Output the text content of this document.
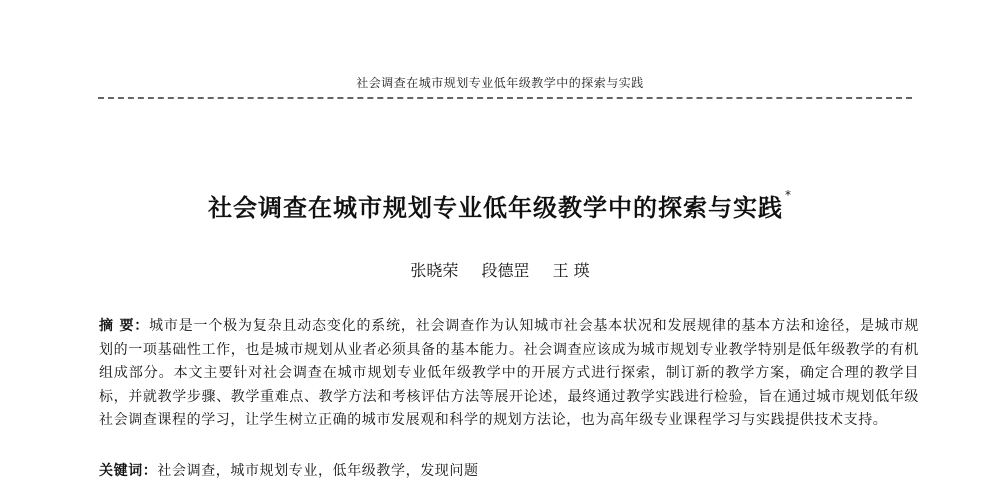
社会调查在城市规划专业低年级教学中的探索与实践
社会调查在城市规划专业低年级教学中的探索与实践 *
张晓荣 段德罡 王 瑛
摘 要：城市是一个极为复杂且动态变化的系统，社会调查作为认知城市社会基本状况和发展规律的基本方法和途径，是城市规划的一项基础性工作，也是城市规划从业者必须具备的基本能力。社会调查应该成为城市规划专业教学特别是低年级教学的有机组成部分。本文主要针对社会调查在城市规划专业低年级教学中的开展方式进行探索，制订新的教学方案，确定合理的教学目标，并就教学步骤、教学重难点、教学方法和考核评估方法等展开论述，最终通过教学实践进行检验，旨在通过城市规划低年级社会调查课程的学习，让学生树立正确的城市发展观和科学的规划方法论，也为高年级专业课程学习与实践提供技术支持。
关键词：社会调查，城市规划专业，低年级教学，发现问题
